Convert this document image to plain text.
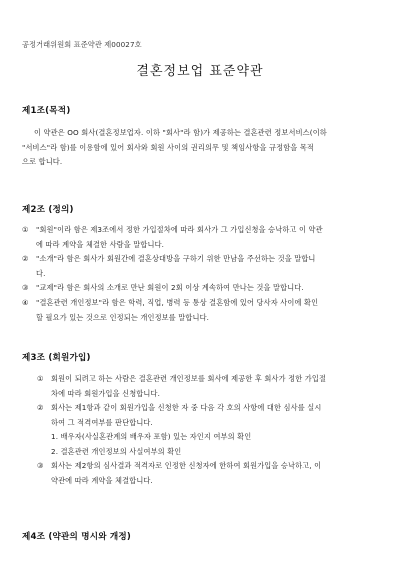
공정거래위원회 표준약관 제00027호
결혼정보업 표준약관
제1조(목적)
이 약관은 OO 회사(결혼정보업자. 이하 "회사"라 함)가 제공하는 결혼관련 정보서비스(이하
"서비스"라 함)를 이용함에 있어 회사와 회원 사이의 권리의무 및 책임사항을 규정함을 목적
으로 합니다.
제2조 (정의)
①	"회원"이라 함은 제3조에서 정한 가입절차에 따라 회사가 그 가입신청을 승낙하고 이 약관
에 따라 계약을 체결한 사람을 말합니다.
②	"소개"라 함은 회사가 회원간에 결혼상대방을 구하기 위한 만남을 주선하는 것을 말합니
다.
③	"교제"라 함은 회사의 소개로 만난 회원이 2회 이상 계속하여 만나는 것을 말합니다.
④	"결혼관련 개인정보"라 함은 학력, 직업, 병력 등 통상 결혼함에 있어 당사자 사이에 확인
할 필요가 있는 것으로 인정되는 개인정보를 말합니다.
제3조 (회원가입)
①	회원이 되려고 하는 사람은 결혼관련 개인정보를 회사에 제공한 후 회사가 정한 가입절
차에 따라 회원가입을 신청합니다.
②	회사는 제1항과 같이 회원가입을 신청한 자 중 다음 각 호의 사항에 대한 심사를 실시
하여 그 적격여부를 판단합니다.
1. 배우자(사실혼관계의 배우자 포함) 있는 자인지 여부의 확인
2. 결혼관련 개인정보의 사실여부의 확인
③	회사는 제2항의 심사결과 적격자로 인정한 신청자에 한하여 회원가입을 승낙하고, 이
약관에 따라 계약을 체결합니다.
제4조 (약관의 명시와 개정)
